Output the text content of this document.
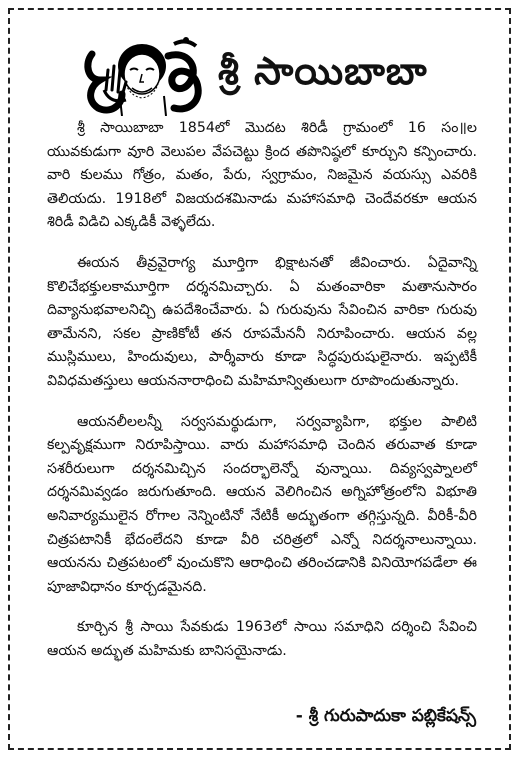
శ్రీ సాయిబాబా

శ్రీ సాయిబాబా 1854లో మొదట శిరిడీ గ్రామంలో 16 సం॥ల యువకుడుగా వూరి వెలుపల వేపచెట్టు క్రింద తపొనిష్ఠలో కూర్చుని కన్పించారు. వారి కులము గోత్రం, మతం, పేరు, స్వగ్రామం, నిజమైన వయస్సు ఎవరికి తెలియదు. 1918లో విజయదశమినాడు మహాసమాధి చెందేవరకూ ఆయన శిరిడీ విడిచి ఎక్కడికీ వెళ్ళలేదు.

ఈయన తీవ్రవైరాగ్య మూర్తిగా భిక్షాటనతో జీవించారు. ఏదైవాన్ని కొలిచేభక్తులకామూర్తిగా దర్శనమిచ్చారు. ఏ మతంవారికా మతానుసారం దివ్యానుభవాలనిచ్చి ఉపదేశించేవారు. ఏ గురువును సేవించిన వారికా గురువు తామేనని, సకల ప్రాణికోటీ తన రూపమేననీ నిరూపించారు. ఆయన వల్ల ముస్లిములు, హిందువులు, పార్శీవారు కూడా సిద్ధపురుషులైనారు. ఇప్పటికీ వివిధమతస్తులు ఆయననారాధించి మహిమాన్వితులుగా రూపొందుతున్నారు.

ఆయనలీలలన్నీ సర్వసమర్థుడుగా, సర్వవ్యాపిగా, భక్తుల పాలిటి కల్పవృక్షముగా నిరూపిస్తాయి. వారు మహాసమాధి చెందిన తరువాత కూడా సశరీరులుగా దర్శనమిచ్చిన సందర్భాలెన్నో వున్నాయి. దివ్యస్వప్నాలలో దర్శనమివ్వడం జరుగుతూంది. ఆయన వెలిగించిన అగ్నిహోత్రంలోని విభూతి అనివార్యములైన రోగాల నెన్నింటినో నేటికీ అద్భుతంగా తగ్గిస్తున్నది. వీరికీ-వీరి చిత్రపటానికీ భేదంలేదని కూడా వీరి చరిత్రలో ఎన్నో నిదర్శనాలున్నాయి. ఆయనను చిత్రపటంలో వుంచుకొని ఆరాధించి తరించడానికి వినియోగపడేలా ఈ పూజావిధానం కూర్చడమైనది.

కూర్చిన శ్రీ సాయి సేవకుడు 1963లో సాయి సమాధిని దర్శించి సేవించి ఆయన అద్భుత మహిమకు బానిసయైనాడు.

- శ్రీ గురుపాదుకా పబ్లికేషన్స్
